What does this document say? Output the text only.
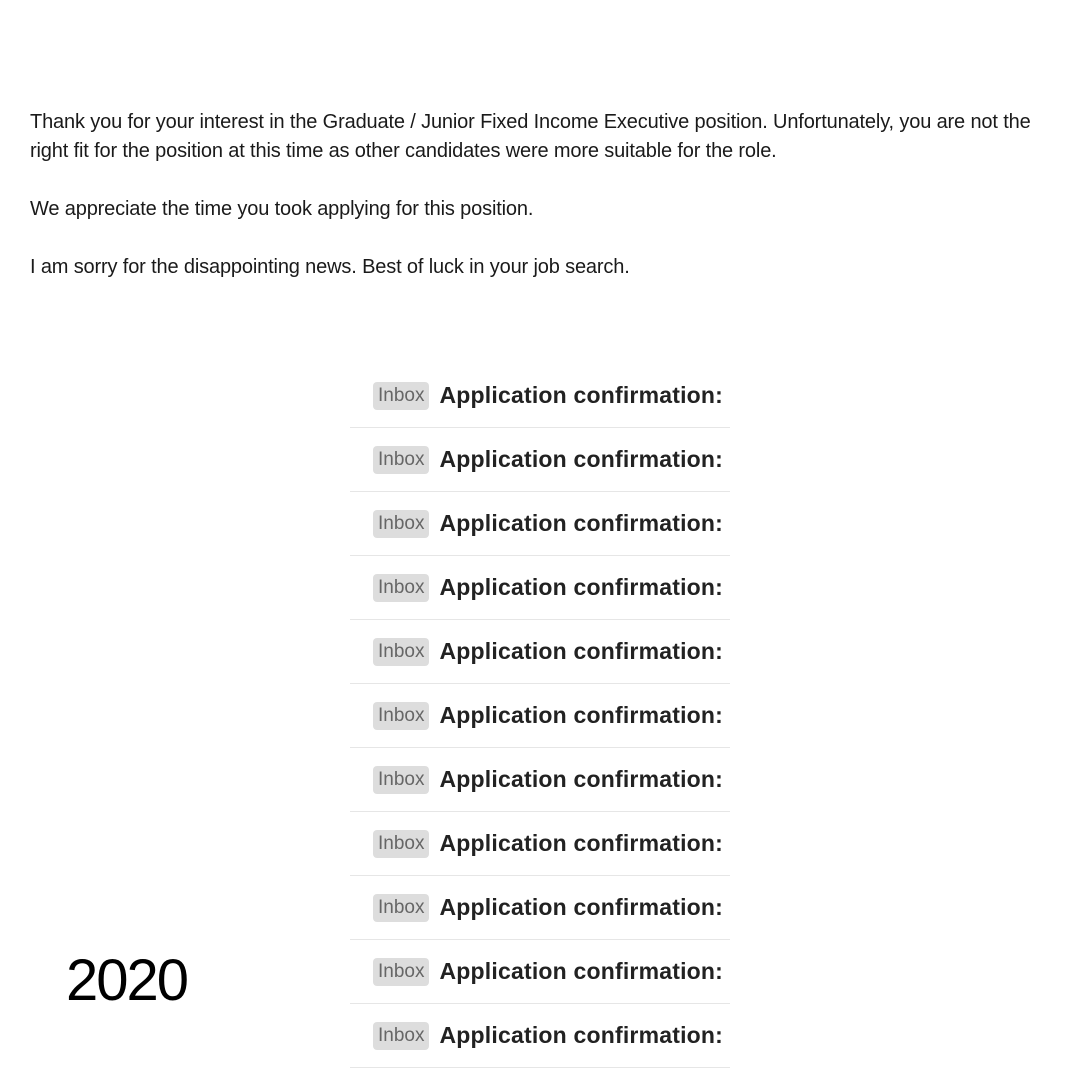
Thank you for your interest in the Graduate / Junior Fixed Income Executive position. Unfortunately, you are not the right fit for the position at this time as other candidates were more suitable for the role.

We appreciate the time you took applying for this position.

I am sorry for the disappointing news. Best of luck in your job search.

Inbox Application confirmation:
Inbox Application confirmation:
Inbox Application confirmation:
Inbox Application confirmation:
Inbox Application confirmation:
Inbox Application confirmation:
Inbox Application confirmation:
Inbox Application confirmation:
Inbox Application confirmation:
Inbox Application confirmation:
Inbox Application confirmation:
2020
